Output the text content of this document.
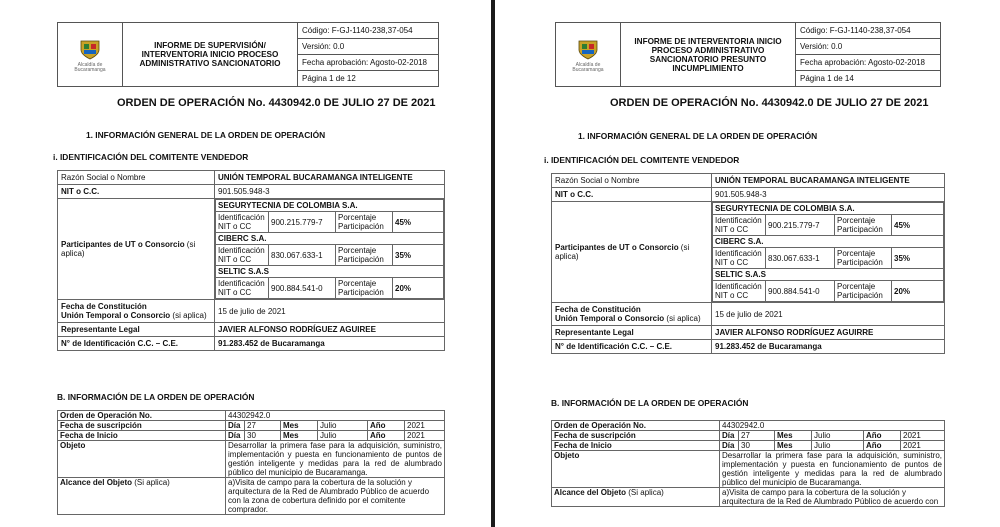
Alcaldía de Bucaramanga
	INFORME DE SUPERVISIÓN/ INTERVENTORIA INICIO PROCESO ADMINISTRATIVO SANCIONATORIO	Código: F-GJ-1140-238,37-054
Versión: 0.0
Fecha aprobación: Agosto-02-2018
Página 1 de 12
ORDEN DE OPERACIÓN No. 4430942.0 DE JULIO 27 DE 2021
1. INFORMACIÓN GENERAL DE LA ORDEN DE OPERACIÓN
i. IDENTIFICACIÓN DEL COMITENTE VENDEDOR
Razón Social o Nombre	UNIÓN TEMPORAL BUCARAMANGA INTELIGENTE
NIT o C.C.	901.505.948-3
Participantes de UT o Consorcio (si aplica)	
SEGURYTECNIA DE COLOMBIA S.A.
Identificación NIT o CC	900.215.779-7	Porcentaje Participación	45%
CIBERC S.A.
Identificación NIT o CC	830.067.633-1	Porcentaje Participación	35%
SELTIC S.A.S
Identificación NIT o CC	900.884.541-0	Porcentaje Participación	20%

Fecha de Constitución
Unión Temporal o Consorcio (si aplica)	15 de julio de 2021
Representante Legal	JAVIER ALFONSO RODRÍGUEZ AGUIREE
N° de Identificación C.C. – C.E.	91.283.452 de Bucaramanga
B. INFORMACIÓN DE LA ORDEN DE OPERACIÓN
Orden de Operación No.	44302942.0					
Fecha de suscripción	Día	27	Mes	Julio	Año	2021
Fecha de Inicio	Día	30	Mes	Julio	Año	2021
Objeto	Desarrollar la primera fase para la adquisición, suministro, implementación y puesta en funcionamiento de puntos de gestión inteligente y medidas para la red de alumbrado público del municipio de Bucaramanga.					
Alcance del Objeto (Si aplica)	a)Visita de campo para la cobertura de la solución y arquitectura de la Red de Alumbrado Público de acuerdo con la zona de cobertura definido por el comitente comprador.					
Alcaldía de Bucaramanga
	INFORME DE INTERVENTORIA INICIO PROCESO ADMINISTRATIVO SANCIONATORIO PRESUNTO INCUMPLIMIENTO	Código: F-GJ-1140-238,37-054
Versión: 0.0
Fecha aprobación: Agosto-02-2018
Página 1 de 14
ORDEN DE OPERACIÓN No. 4430942.0 DE JULIO 27 DE 2021
1. INFORMACIÓN GENERAL DE LA ORDEN DE OPERACIÓN
i. IDENTIFICACIÓN DEL COMITENTE VENDEDOR
Razón Social o Nombre	UNIÓN TEMPORAL BUCARAMANGA INTELIGENTE
NIT o C.C.	901.505.948-3
Participantes de UT o Consorcio (si aplica)	
SEGURYTECNIA DE COLOMBIA S.A.
Identificación NIT o CC	900.215.779-7	Porcentaje Participación	45%
CIBERC S.A.
Identificación NIT o CC	830.067.633-1	Porcentaje Participación	35%
SELTIC S.A.S
Identificación NIT o CC	900.884.541-0	Porcentaje Participación	20%

Fecha de Constitución
Unión Temporal o Consorcio (si aplica)	15 de julio de 2021
Representante Legal	JAVIER ALFONSO RODRÍGUEZ AGUIRRE
N° de Identificación C.C. – C.E.	91.283.452 de Bucaramanga
B. INFORMACIÓN DE LA ORDEN DE OPERACIÓN
Orden de Operación No.	44302942.0					
Fecha de suscripción	Día	27	Mes	Julio	Año	2021
Fecha de Inicio	Día	30	Mes	Julio	Año	2021
Objeto	Desarrollar la primera fase para la adquisición, suministro, implementación y puesta en funcionamiento de puntos de gestión inteligente y medidas para la red de alumbrado público del municipio de Bucaramanga.					
Alcance del Objeto (Si aplica)	a)Visita de campo para la cobertura de la solución y arquitectura de la Red de Alumbrado Público de acuerdo con					
